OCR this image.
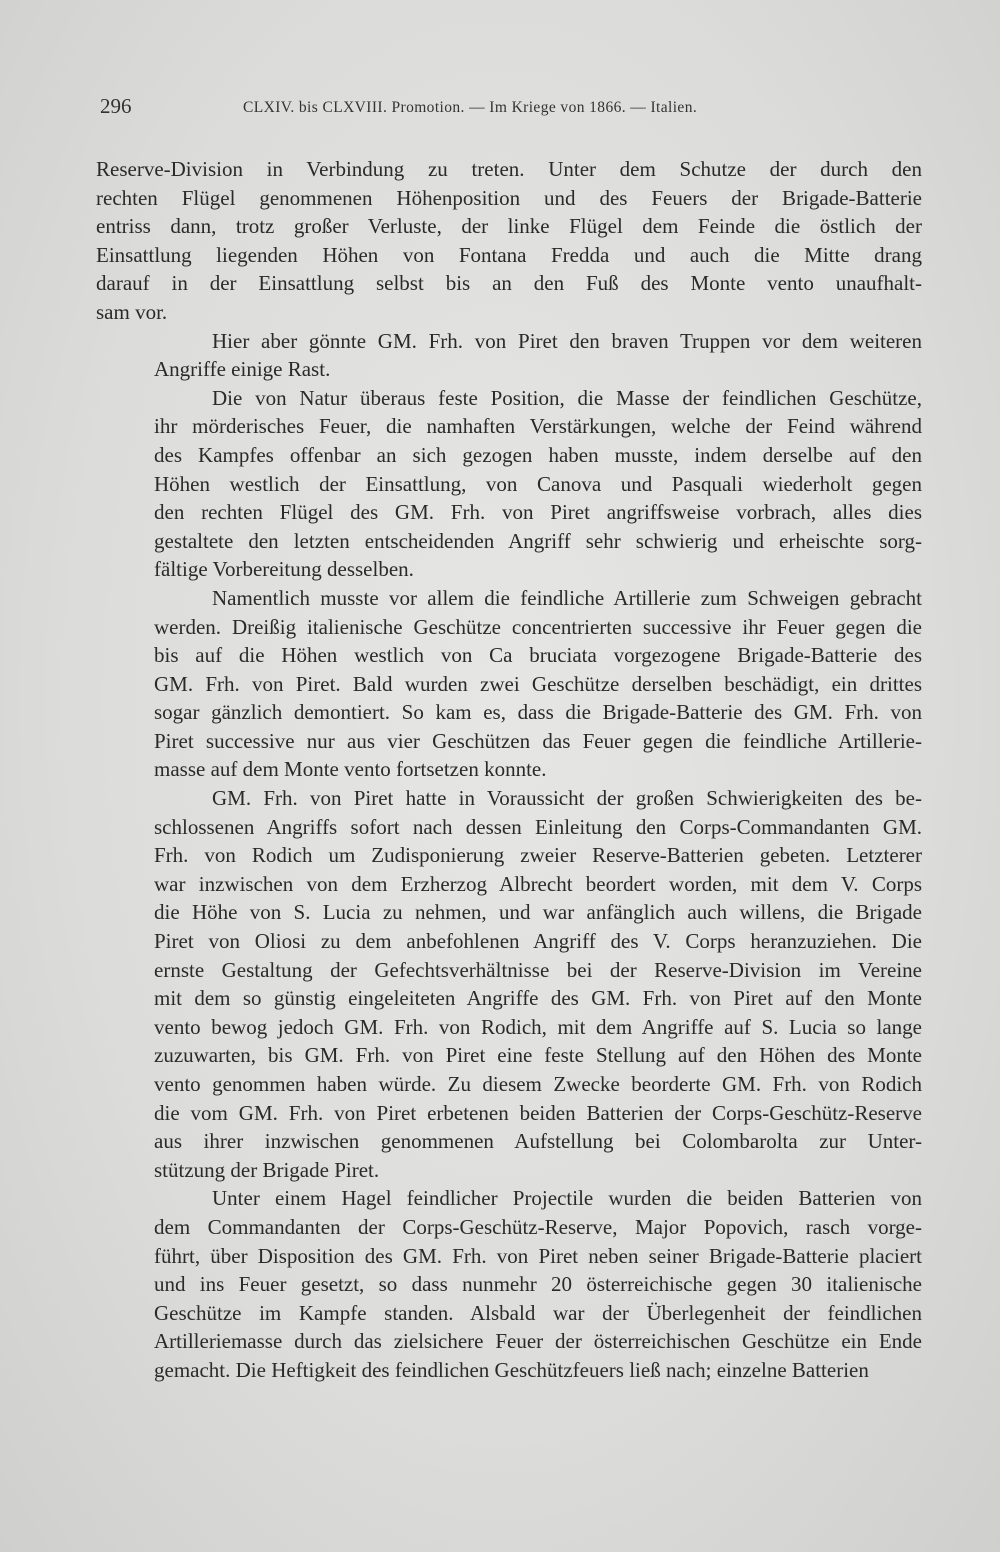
296	CLXIV. bis CLXVIII. Promotion. — Im Kriege von 1866. — Italien.
Reserve-Division in Verbindung zu treten. Unter dem Schutze der durch den
rechten Flügel genommenen Höhenposition und des Feuers der Brigade-Batterie
entriss dann, trotz großer Verluste, der linke Flügel dem Feinde die östlich der
Einsattlung liegenden Höhen von Fontana Fredda und auch die Mitte drang
darauf in der Einsattlung selbst bis an den Fuß des Monte vento unaufhalt-
sam vor.
Hier aber gönnte GM. Frh. von Piret den braven Truppen vor dem weiteren
Angriffe einige Rast.
Die von Natur überaus feste Position, die Masse der feindlichen Geschütze,
ihr mörderisches Feuer, die namhaften Verstärkungen, welche der Feind während
des Kampfes offenbar an sich gezogen haben musste, indem derselbe auf den
Höhen westlich der Einsattlung, von Canova und Pasquali wiederholt gegen
den rechten Flügel des GM. Frh. von Piret angriffsweise vorbrach, alles dies
gestaltete den letzten entscheidenden Angriff sehr schwierig und erheischte sorg-
fältige Vorbereitung desselben.
Namentlich musste vor allem die feindliche Artillerie zum Schweigen gebracht
werden. Dreißig italienische Geschütze concentrierten successive ihr Feuer gegen die
bis auf die Höhen westlich von Ca bruciata vorgezogene Brigade-Batterie des
GM. Frh. von Piret. Bald wurden zwei Geschütze derselben beschädigt, ein drittes
sogar gänzlich demontiert. So kam es, dass die Brigade-Batterie des GM. Frh. von
Piret successive nur aus vier Geschützen das Feuer gegen die feindliche Artillerie-
masse auf dem Monte vento fortsetzen konnte.
GM. Frh. von Piret hatte in Voraussicht der großen Schwierigkeiten des be-
schlossenen Angriffs sofort nach dessen Einleitung den Corps-Commandanten GM.
Frh. von Rodich um Zudisponierung zweier Reserve-Batterien gebeten. Letzterer
war inzwischen von dem Erzherzog Albrecht beordert worden, mit dem V. Corps
die Höhe von S. Lucia zu nehmen, und war anfänglich auch willens, die Brigade
Piret von Oliosi zu dem anbefohlenen Angriff des V. Corps heranzuziehen. Die
ernste Gestaltung der Gefechtsverhältnisse bei der Reserve-Division im Vereine
mit dem so günstig eingeleiteten Angriffe des GM. Frh. von Piret auf den Monte
vento bewog jedoch GM. Frh. von Rodich, mit dem Angriffe auf S. Lucia so lange
zuzuwarten, bis GM. Frh. von Piret eine feste Stellung auf den Höhen des Monte
vento genommen haben würde. Zu diesem Zwecke beorderte GM. Frh. von Rodich
die vom GM. Frh. von Piret erbetenen beiden Batterien der Corps-Geschütz-Reserve
aus ihrer inzwischen genommenen Aufstellung bei Colombarolta zur Unter-
stützung der Brigade Piret.
Unter einem Hagel feindlicher Projectile wurden die beiden Batterien von
dem Commandanten der Corps-Geschütz-Reserve, Major Popovich, rasch vorge-
führt, über Disposition des GM. Frh. von Piret neben seiner Brigade-Batterie placiert
und ins Feuer gesetzt, so dass nunmehr 20 österreichische gegen 30 italienische
Geschütze im Kampfe standen. Alsbald war der Überlegenheit der feindlichen
Artilleriemasse durch das zielsichere Feuer der österreichischen Geschütze ein Ende
gemacht. Die Heftigkeit des feindlichen Geschützfeuers ließ nach; einzelne Batterien
